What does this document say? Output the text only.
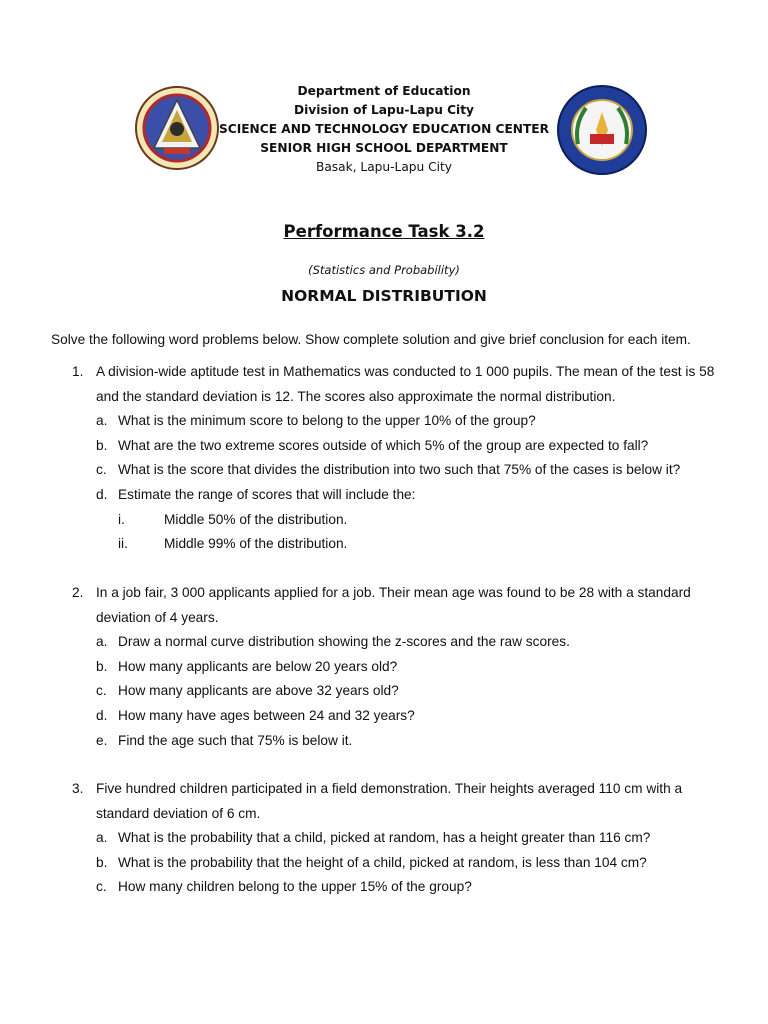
Department of Education
Division of Lapu-Lapu City
SCIENCE AND TECHNOLOGY EDUCATION CENTER
SENIOR HIGH SCHOOL DEPARTMENT
Basak, Lapu-Lapu City
Performance Task 3.2
(Statistics and Probability)
NORMAL DISTRIBUTION
Solve the following word problems below. Show complete solution and give brief conclusion for each item.
1. A division-wide aptitude test in Mathematics was conducted to 1 000 pupils. The mean of the test is 58
and the standard deviation is 12. The scores also approximate the normal distribution.
a. What is the minimum score to belong to the upper 10% of the group?
b. What are the two extreme scores outside of which 5% of the group are expected to fall?
c. What is the score that divides the distribution into two such that 75% of the cases is below it?
d. Estimate the range of scores that will include the:
i.	Middle 50% of the distribution.
ii.	Middle 99% of the distribution.
2. In a job fair, 3 000 applicants applied for a job. Their mean age was found to be 28 with a standard
deviation of 4 years.
a. Draw a normal curve distribution showing the z-scores and the raw scores.
b. How many applicants are below 20 years old?
c. How many applicants are above 32 years old?
d. How many have ages between 24 and 32 years?
e. Find the age such that 75% is below it.
3. Five hundred children participated in a field demonstration. Their heights averaged 110 cm with a
standard deviation of 6 cm.
a. What is the probability that a child, picked at random, has a height greater than 116 cm?
b. What is the probability that the height of a child, picked at random, is less than 104 cm?
c. How many children belong to the upper 15% of the group?
